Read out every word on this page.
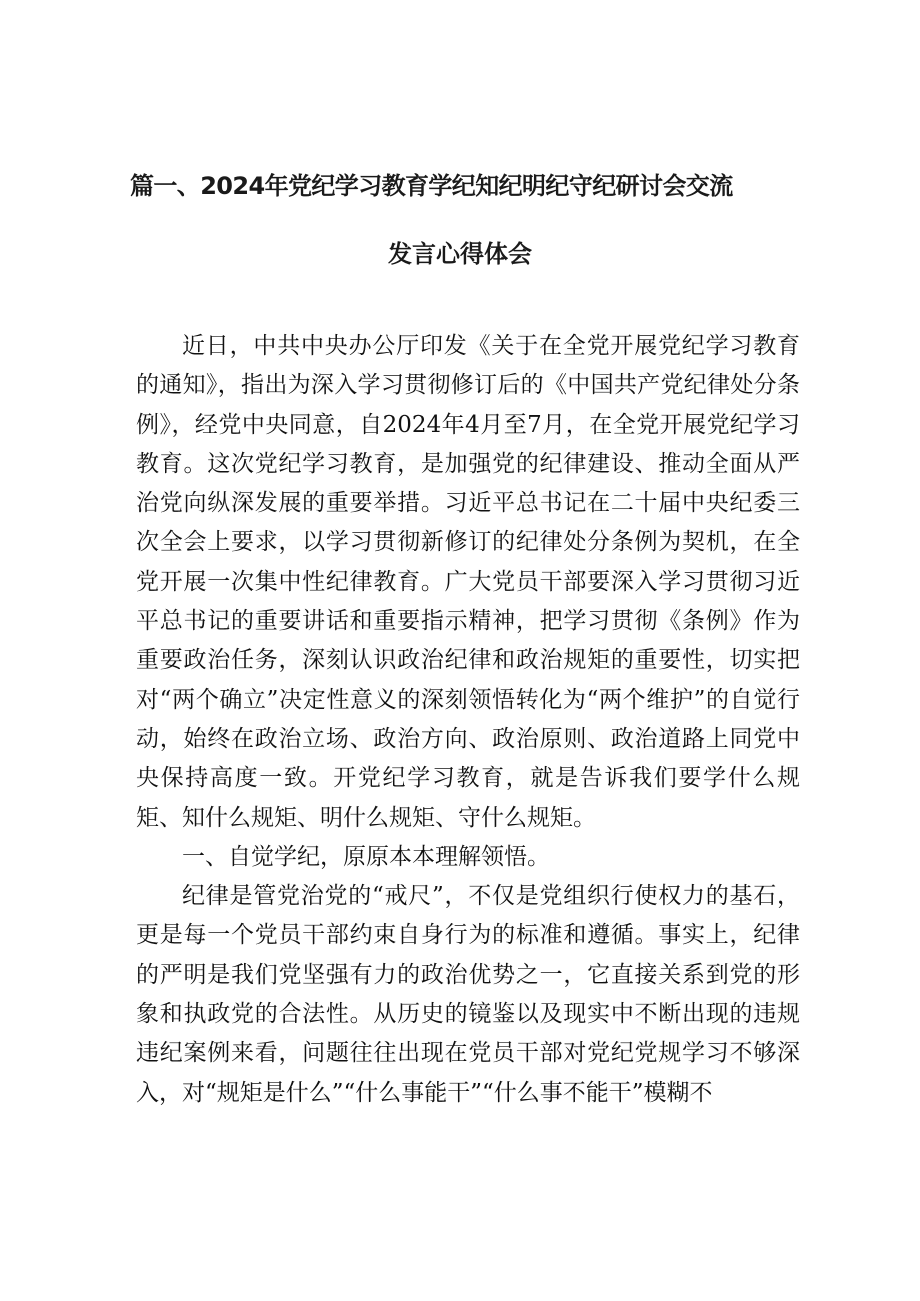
篇一、2024年党纪学习教育学纪知纪明纪守纪研讨会交流
发言心得体会

近日，中共中央办公厅印发《关于在全党开展党纪学习教育的通知》，指出为深入学习贯彻修订后的《中国共产党纪律处分条例》，经党中央同意，自2024年4月至7月，在全党开展党纪学习教育。这次党纪学习教育，是加强党的纪律建设、推动全面从严治党向纵深发展的重要举措。习近平总书记在二十届中央纪委三次全会上要求，以学习贯彻新修订的纪律处分条例为契机，在全党开展一次集中性纪律教育。广大党员干部要深入学习贯彻习近平总书记的重要讲话和重要指示精神，把学习贯彻《条例》作为重要政治任务，深刻认识政治纪律和政治规矩的重要性，切实把对“两个确立”决定性意义的深刻领悟转化为“两个维护”的自觉行动，始终在政治立场、政治方向、政治原则、政治道路上同党中央保持高度一致。开党纪学习教育，就是告诉我们要学什么规矩、知什么规矩、明什么规矩、守什么规矩。

一、自觉学纪，原原本本理解领悟。

纪律是管党治党的“戒尺”，不仅是党组织行使权力的基石，更是每一个党员干部约束自身行为的标准和遵循。事实上，纪律的严明是我们党坚强有力的政治优势之一，它直接关系到党的形象和执政党的合法性。从历史的镜鉴以及现实中不断出现的违规违纪案例来看，问题往往出现在党员干部对党纪党规学习不够深入，对“规矩是什么”“什么事能干”“什么事不能干”模糊不
